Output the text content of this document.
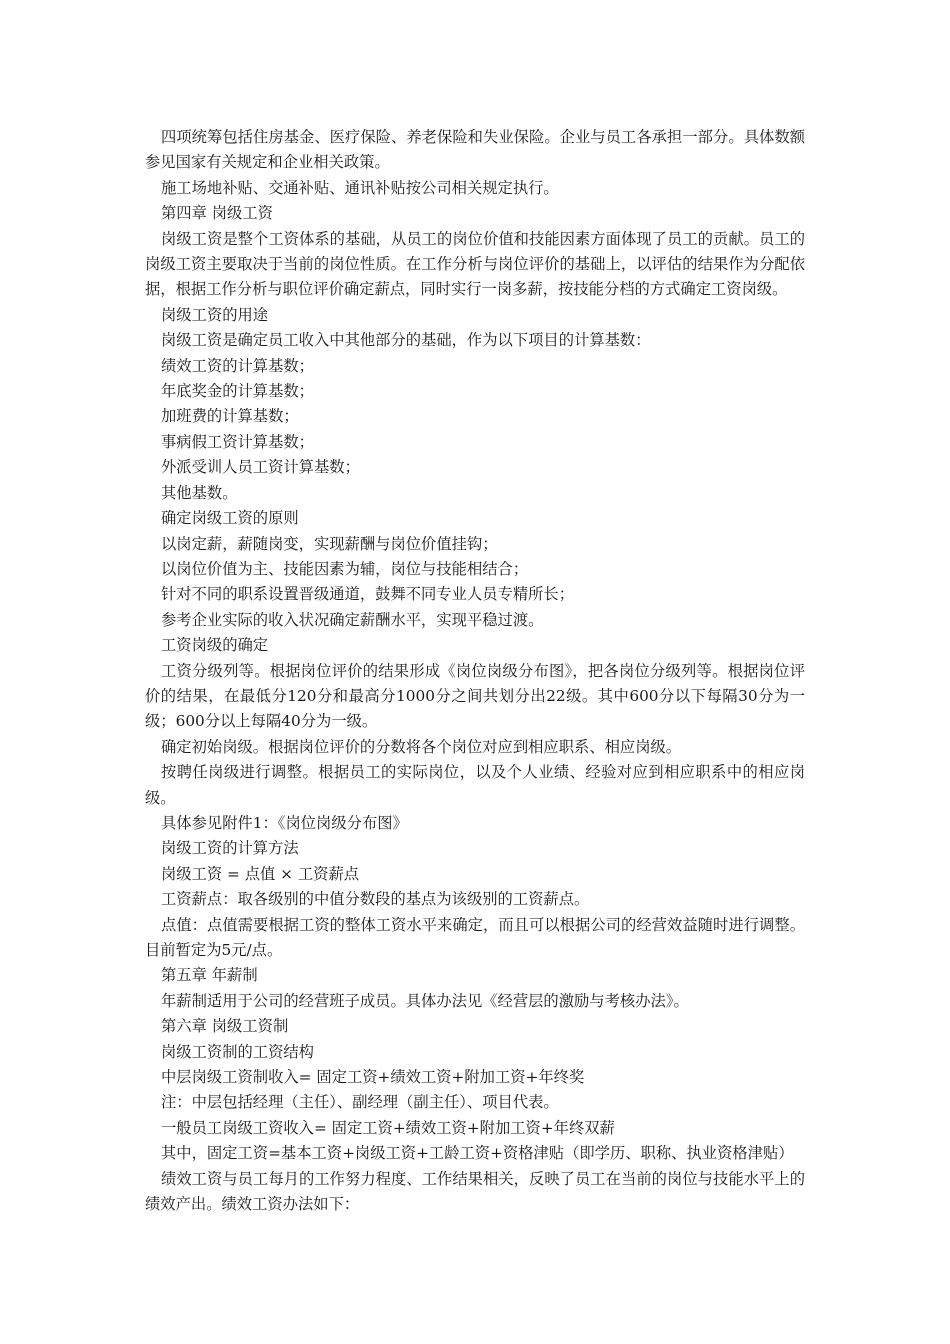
四项统筹包括住房基金、医疗保险、养老保险和失业保险。企业与员工各承担一部分。具体数额参见国家有关规定和企业相关政策。

施工场地补贴、交通补贴、通讯补贴按公司相关规定执行。

第四章 岗级工资

岗级工资是整个工资体系的基础，从员工的岗位价值和技能因素方面体现了员工的贡献。员工的岗级工资主要取决于当前的岗位性质。在工作分析与岗位评价的基础上，以评估的结果作为分配依据，根据工作分析与职位评价确定薪点，同时实行一岗多薪，按技能分档的方式确定工资岗级。

岗级工资的用途

岗级工资是确定员工收入中其他部分的基础，作为以下项目的计算基数：

绩效工资的计算基数；

年底奖金的计算基数；

加班费的计算基数；

事病假工资计算基数；

外派受训人员工资计算基数；

其他基数。

确定岗级工资的原则

以岗定薪，薪随岗变，实现薪酬与岗位价值挂钩；

以岗位价值为主、技能因素为辅，岗位与技能相结合；

针对不同的职系设置晋级通道，鼓舞不同专业人员专精所长；

参考企业实际的收入状况确定薪酬水平，实现平稳过渡。

工资岗级的确定

工资分级列等。根据岗位评价的结果形成《岗位岗级分布图》，把各岗位分级列等。根据岗位评价的结果，在最低分120分和最高分1000分之间共划分出22级。其中600分以下每隔30分为一级；600分以上每隔40分为一级。

确定初始岗级。根据岗位评价的分数将各个岗位对应到相应职系、相应岗级。

按聘任岗级进行调整。根据员工的实际岗位，以及个人业绩、经验对应到相应职系中的相应岗级。

具体参见附件1：《岗位岗级分布图》

岗级工资的计算方法

岗级工资 = 点值 × 工资薪点

工资薪点：取各级别的中值分数段的基点为该级别的工资薪点。

点值：点值需要根据工资的整体工资水平来确定，而且可以根据公司的经营效益随时进行调整。目前暂定为5元/点。

第五章 年薪制

年薪制适用于公司的经营班子成员。具体办法见《经营层的激励与考核办法》。

第六章 岗级工资制

岗级工资制的工资结构

中层岗级工资制收入= 固定工资+绩效工资+附加工资+年终奖

注：中层包括经理（主任）、副经理（副主任）、项目代表。

一般员工岗级工资收入= 固定工资+绩效工资+附加工资+年终双薪

其中，固定工资=基本工资+岗级工资+工龄工资+资格津贴（即学历、职称、执业资格津贴）

绩效工资与员工每月的工作努力程度、工作结果相关，反映了员工在当前的岗位与技能水平上的绩效产出。绩效工资办法如下：
